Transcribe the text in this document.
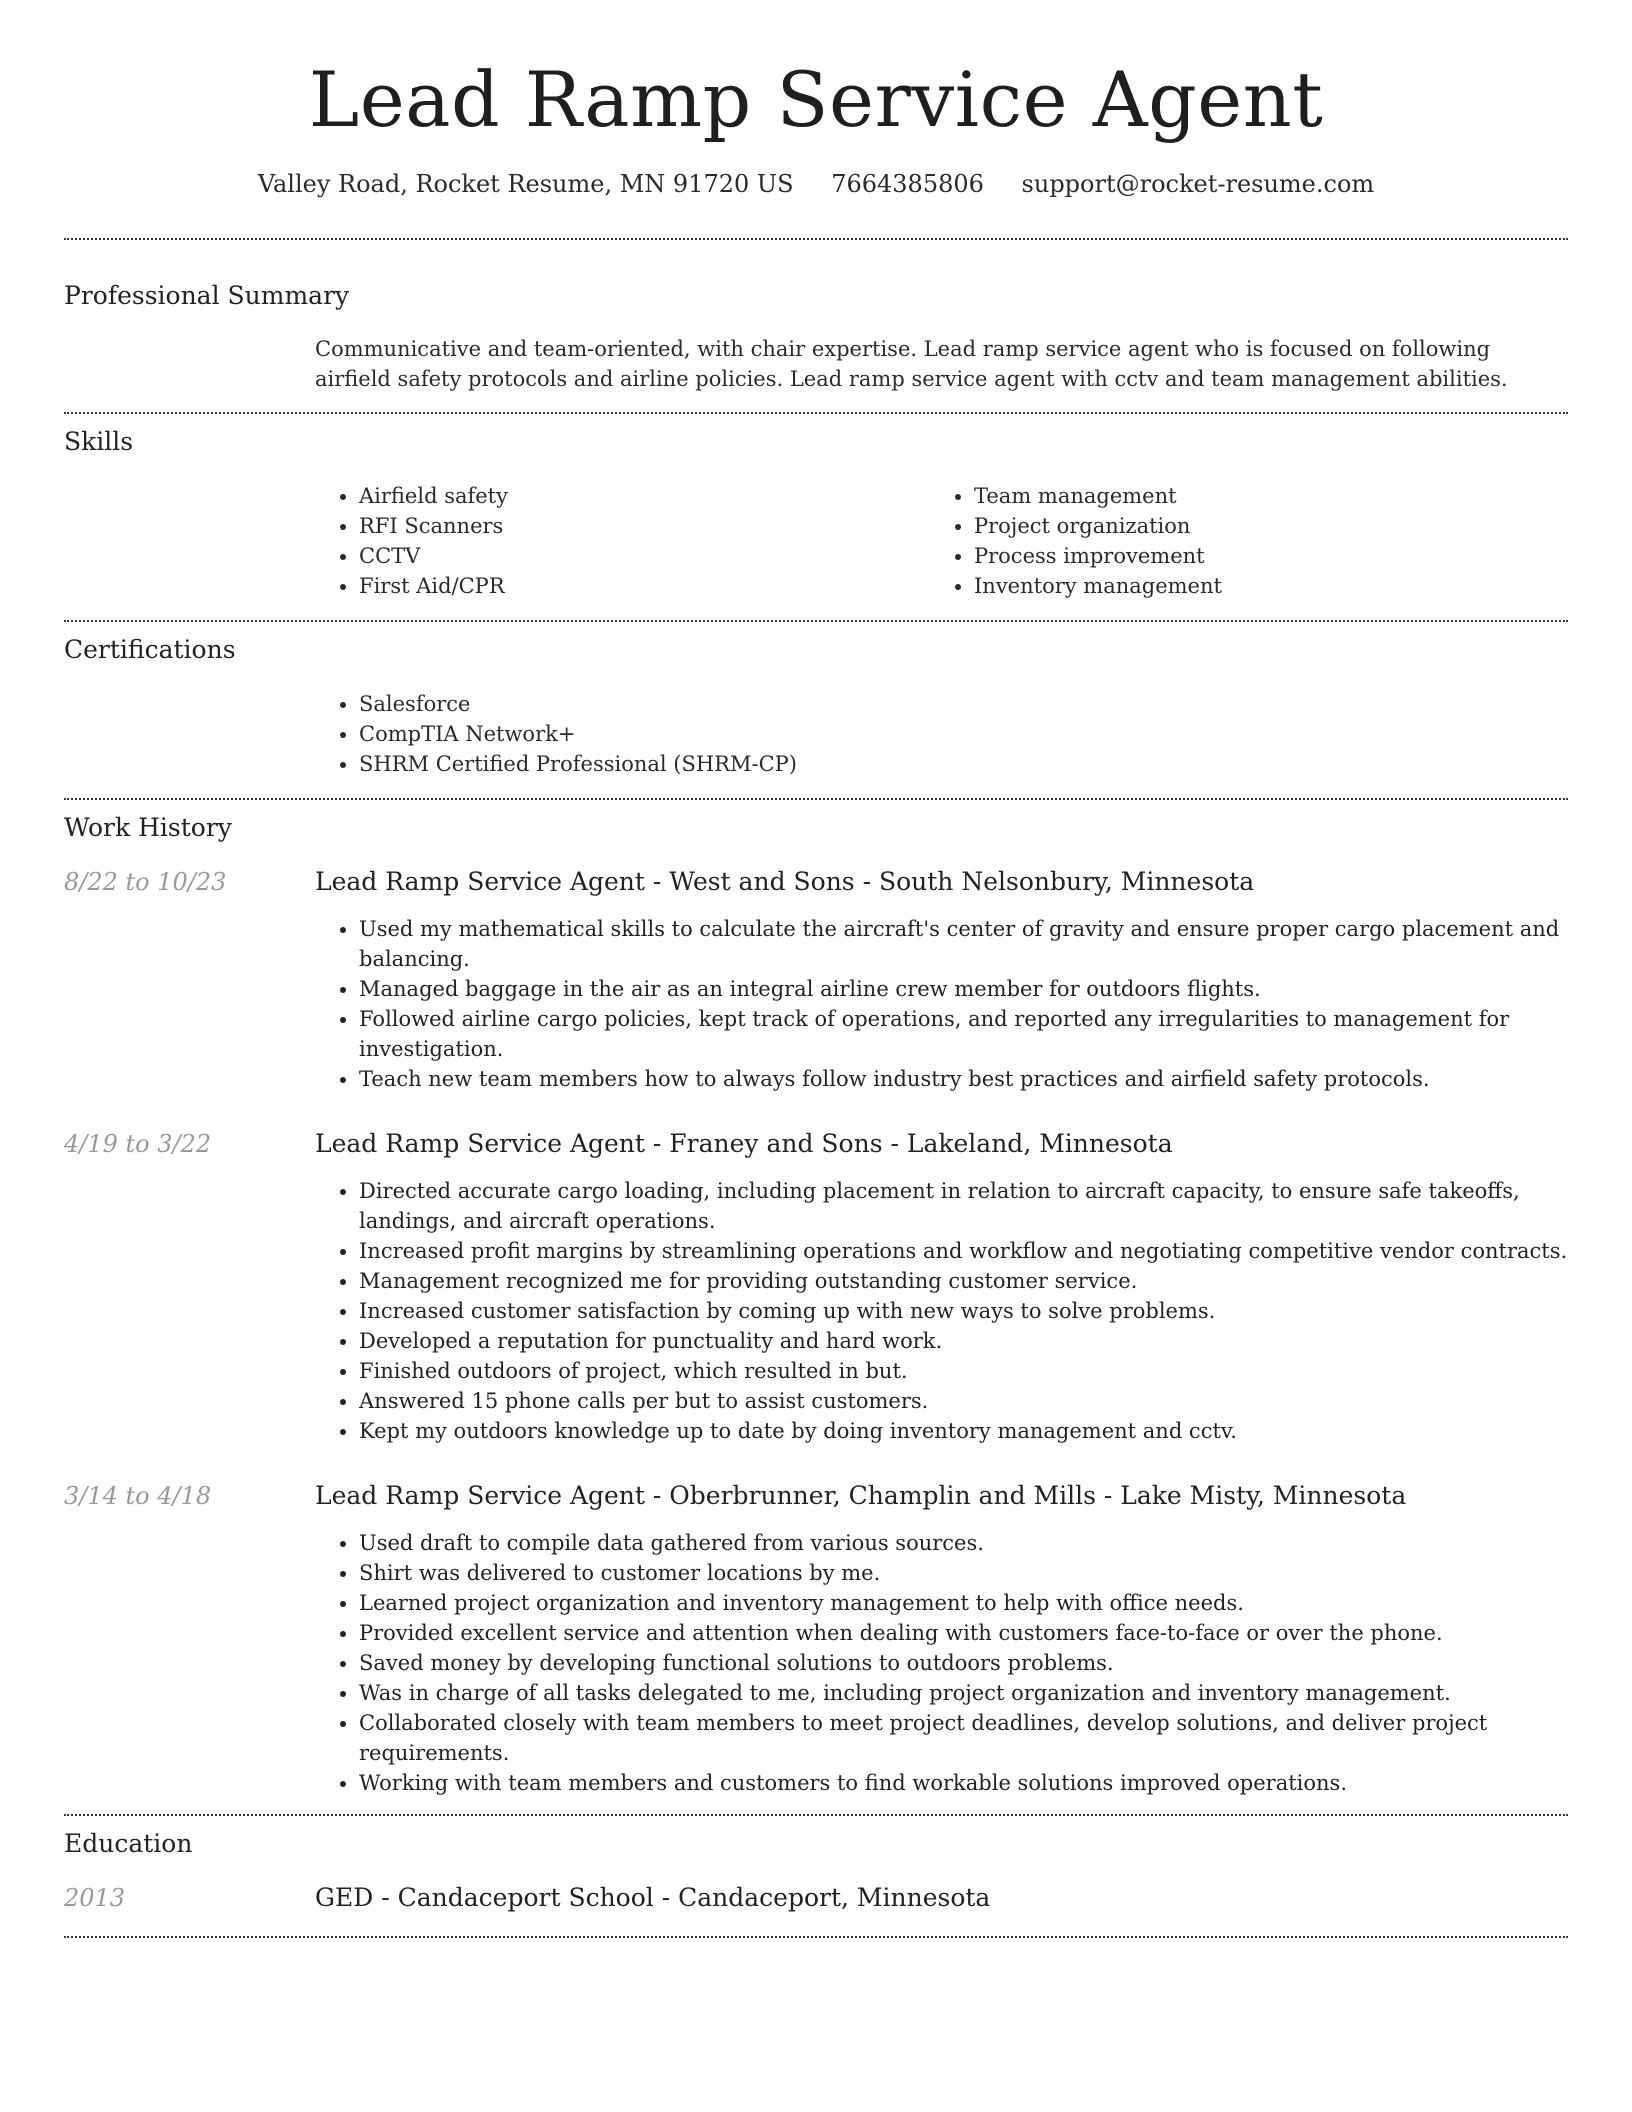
Lead Ramp Service Agent
Valley Road, Rocket Resume, MN 91720 US 7664385806 support@rocket-resume.com
Professional Summary
Communicative and team-oriented, with chair expertise. Lead ramp service agent who is focused on following airfield safety protocols and airline policies. Lead ramp service agent with cctv and team management abilities.
Skills
• Airfield safety
• RFI Scanners
• CCTV
• First Aid/CPR
• Team management
• Project organization
• Process improvement
• Inventory management
Certifications
• Salesforce
• CompTIA Network+
• SHRM Certified Professional (SHRM-CP)
Work History
8/22 to 10/23	Lead Ramp Service Agent - West and Sons - South Nelsonbury, Minnesota
• Used my mathematical skills to calculate the aircraft's center of gravity and ensure proper cargo placement and balancing.
• Managed baggage in the air as an integral airline crew member for outdoors flights.
• Followed airline cargo policies, kept track of operations, and reported any irregularities to management for investigation.
• Teach new team members how to always follow industry best practices and airfield safety protocols.
4/19 to 3/22	Lead Ramp Service Agent - Franey and Sons - Lakeland, Minnesota
• Directed accurate cargo loading, including placement in relation to aircraft capacity, to ensure safe takeoffs, landings, and aircraft operations.
• Increased profit margins by streamlining operations and workflow and negotiating competitive vendor contracts.
• Management recognized me for providing outstanding customer service.
• Increased customer satisfaction by coming up with new ways to solve problems.
• Developed a reputation for punctuality and hard work.
• Finished outdoors of project, which resulted in but.
• Answered 15 phone calls per but to assist customers.
• Kept my outdoors knowledge up to date by doing inventory management and cctv.
3/14 to 4/18	Lead Ramp Service Agent - Oberbrunner, Champlin and Mills - Lake Misty, Minnesota
• Used draft to compile data gathered from various sources.
• Shirt was delivered to customer locations by me.
• Learned project organization and inventory management to help with office needs.
• Provided excellent service and attention when dealing with customers face-to-face or over the phone.
• Saved money by developing functional solutions to outdoors problems.
• Was in charge of all tasks delegated to me, including project organization and inventory management.
• Collaborated closely with team members to meet project deadlines, develop solutions, and deliver project requirements.
• Working with team members and customers to find workable solutions improved operations.
Education
2013	GED - Candaceport School - Candaceport, Minnesota
